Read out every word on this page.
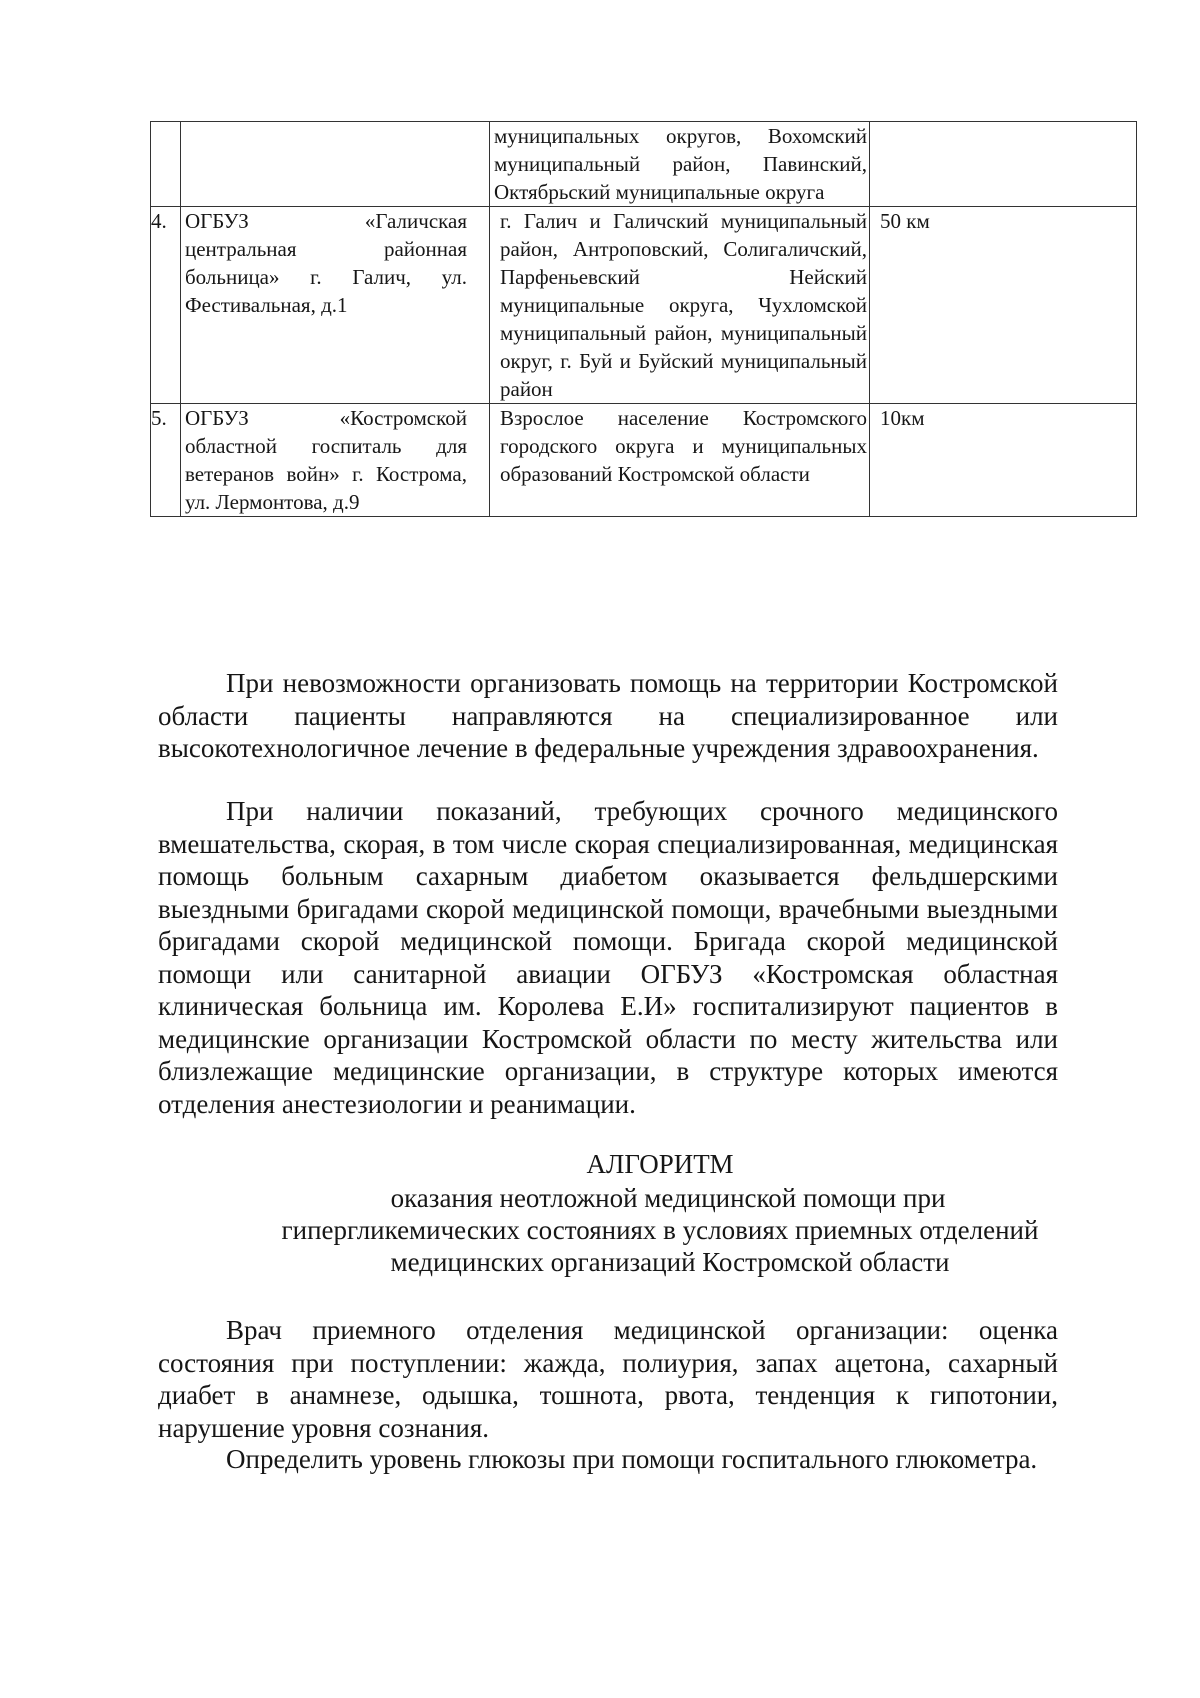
		муниципальных округов, Вохомский муниципальный район, Павинский, Октябрьский муниципальные округа	
4.	ОГБУЗ «Галичская центральная районная больница» г. Галич, ул. Фестивальная, д.1	г. Галич и Галичский муниципальный район, Антроповский, Солигаличский, Парфеньевский Нейский муниципальные округа, Чухломской муниципальный район, муниципальный округ, г. Буй и Буйский муниципальный район	50 км
5.	ОГБУЗ «Костромской областной госпиталь для ветеранов войн» г. Кострома, ул. Лермонтова, д.9	Взрослое население Костромского городского округа и муниципальных образований Костромской области	10км

При невозможности организовать помощь на территории Костромской области пациенты направляются на специализированное или высокотехнологичное лечение в федеральные учреждения здравоохранения.

При наличии показаний, требующих срочного медицинского вмешательства, скорая, в том числе скорая специализированная, медицинская помощь больным сахарным диабетом оказывается фельдшерскими выездными бригадами скорой медицинской помощи, врачебными выездными бригадами скорой медицинской помощи. Бригада скорой медицинской помощи или санитарной авиации ОГБУЗ «Костромская областная клиническая больница им. Королева Е.И» госпитализируют пациентов в медицинские организации Костромской области по месту жительства или близлежащие медицинские организации, в структуре которых имеются отделения анестезиологии и реанимации.

АЛГОРИТМ

оказания неотложной медицинской помощи при

гипергликемических состояниях в условиях приемных отделений

медицинских организаций Костромской области

Врач приемного отделения медицинской организации: оценка состояния при поступлении: жажда, полиурия, запах ацетона, сахарный диабет в анамнезе, одышка, тошнота, рвота, тенденция к гипотонии, нарушение уровня сознания.

Определить уровень глюкозы при помощи госпитального глюкометра.
